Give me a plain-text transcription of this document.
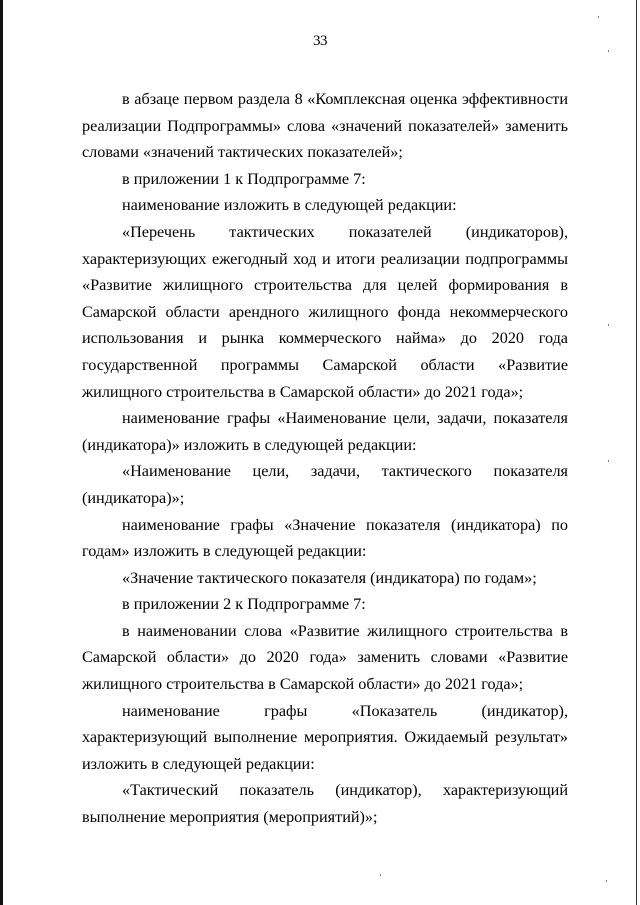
33

в абзаце первом раздела 8 «Комплексная оценка эффективности реализации Подпрограммы» слова «значений показателей» заменить словами «значений тактических показателей»;

в приложении 1 к Подпрограмме 7:

наименование изложить в следующей редакции:

«Перечень тактических показателей (индикаторов), характеризующих ежегодный ход и итоги реализации подпрограммы «Развитие жилищного строительства для целей формирования в Самарской области арендного жилищного фонда некоммерческого использования и рынка коммерческого найма» до 2020 года государственной программы Самарской области «Развитие жилищного строительства в Самарской области» до 2021 года»;

наименование графы «Наименование цели, задачи, показателя (индикатора)» изложить в следующей редакции:

«Наименование цели, задачи, тактического показателя (индикатора)»;

наименование графы «Значение показателя (индикатора) по годам» изложить в следующей редакции:

«Значение тактического показателя (индикатора) по годам»;

в приложении 2 к Подпрограмме 7:

в наименовании слова «Развитие жилищного строительства в Самарской области» до 2020 года» заменить словами «Развитие жилищного строительства в Самарской области» до 2021 года»;

наименование графы «Показатель (индикатор), характеризующий выполнение мероприятия. Ожидаемый результат» изложить в следующей редакции:

«Тактический показатель (индикатор), характеризующий выполнение мероприятия (мероприятий)»;
